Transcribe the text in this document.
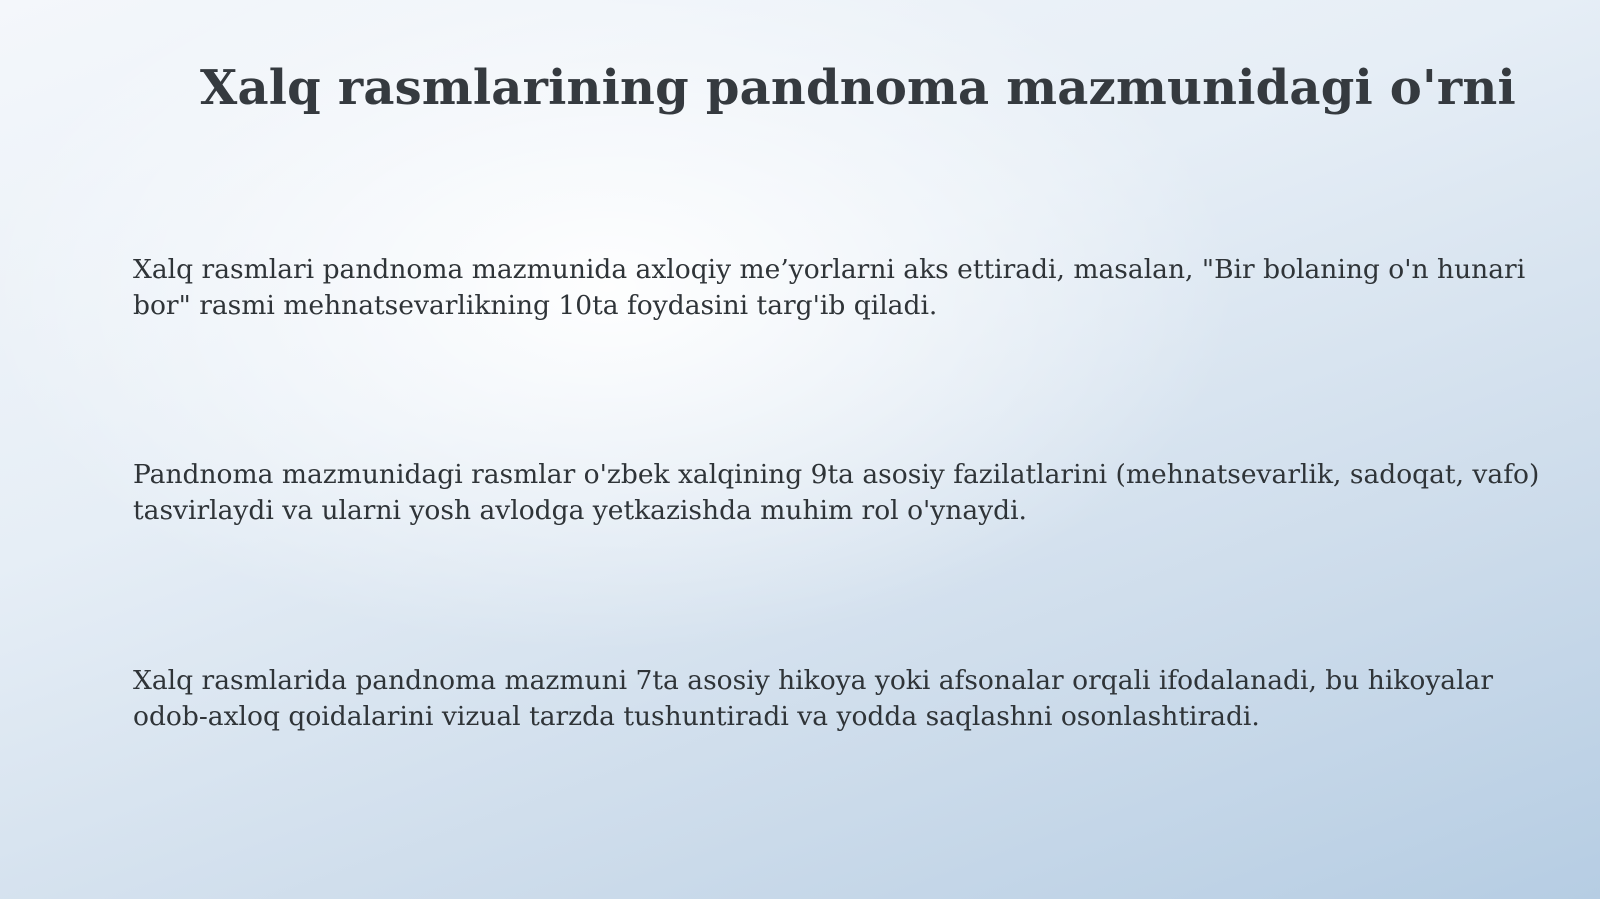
Xalq rasmlarining pandnoma mazmunidagi o'rni

Xalq rasmlari pandnoma mazmunida axloqiy me’yorlarni aks ettiradi, masalan, "Bir bolaning o'n hunari bor" rasmi mehnatsevarlikning 10ta foydasini targ'ib qiladi.

Pandnoma mazmunidagi rasmlar o'zbek xalqining 9ta asosiy fazilatlarini (mehnatsevarlik, sadoqat, vafo) tasvirlaydi va ularni yosh avlodga yetkazishda muhim rol o'ynaydi.

Xalq rasmlarida pandnoma mazmuni 7ta asosiy hikoya yoki afsonalar orqali ifodalanadi, bu hikoyalar odob-axloq qoidalarini vizual tarzda tushuntiradi va yodda saqlashni osonlashtiradi.
